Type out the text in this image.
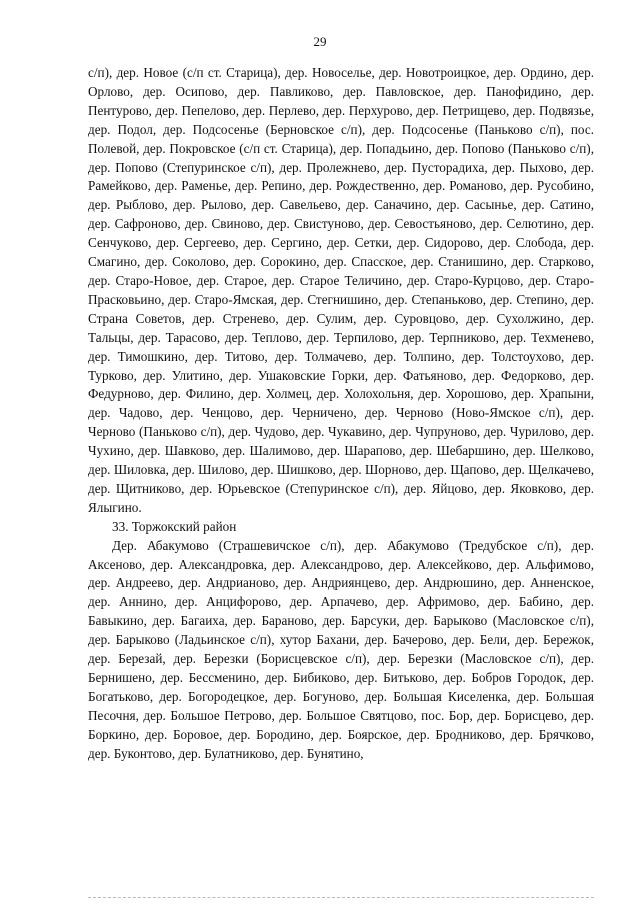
29

с/п), дер. Новое (с/п ст. Старица), дер. Новоселье, дер. Новотроицкое, дер. Ордино, дер. Орлово, дер. Осипово, дер. Павликово, дер. Павловское, дер. Панофидино, дер. Пентурово, дер. Пепелово, дер. Перлево, дер. Перхурово, дер. Петрищево, дер. Подвязье, дер. Подол, дер. Подсосенье (Берновское с/п), дер. Подсосенье (Паньково с/п), пос. Полевой, дер. Покровское (с/п ст. Старица), дер. Попадьино, дер. Попово (Паньково с/п), дер. Попово (Степуринское с/п), дер. Пролежнево, дер. Пусторадиха, дер. Пыхово, дер. Рамейково, дер. Раменье, дер. Репино, дер. Рождественно, дер. Романово, дер. Русобино, дер. Рыблово, дер. Рылово, дер. Савельево, дер. Саначино, дер. Сасынье, дер. Сатино, дер. Сафроново, дер. Свиново, дер. Свистуново, дер. Севостьяново, дер. Селютино, дер. Сенчуково, дер. Сергеево, дер. Сергино, дер. Сетки, дер. Сидорово, дер. Слобода, дер. Смагино, дер. Соколово, дер. Сорокино, дер. Спасское, дер. Станишино, дер. Старково, дер. Старо-Новое, дер. Старое, дер. Старое Теличино, дер. Старо-Курцово, дер. Старо-Прасковьино, дер. Старо-Ямская, дер. Стегнишино, дер. Степаньково, дер. Степино, дер. Страна Советов, дер. Стренево, дер. Сулим, дер. Суровцово, дер. Сухолжино, дер. Тальцы, дер. Тарасово, дер. Теплово, дер. Терпилово, дер. Терпниково, дер. Техменево, дер. Тимошкино, дер. Титово, дер. Толмачево, дер. Толпино, дер. Толстоухово, дер. Турково, дер. Улитино, дер. Ушаковские Горки, дер. Фатьяново, дер. Федорково, дер. Федурново, дер. Филино, дер. Холмец, дер. Холохольня, дер. Хорошово, дер. Храпыни, дер. Чадово, дер. Ченцово, дер. Черничено, дер. Черново (Ново-Ямское с/п), дер. Черново (Паньково с/п), дер. Чудово, дер. Чукавино, дер. Чупруново, дер. Чурилово, дер. Чухино, дер. Шавково, дер. Шалимово, дер. Шарапово, дер. Шебаршино, дер. Шелково, дер. Шиловка, дер. Шилово, дер. Шишково, дер. Шорново, дер. Щапово, дер. Щелкачево, дер. Щитниково, дер. Юрьевское (Степуринское с/п), дер. Яйцово, дер. Яковково, дер. Ялыгино.

33. Торжокский район

Дер. Абакумово (Страшевичское с/п), дер. Абакумово (Тредубское с/п), дер. Аксеново, дер. Александровка, дер. Александрово, дер. Алексейково, дер. Альфимово, дер. Андреево, дер. Андрианово, дер. Андриянцево, дер. Андрюшино, дер. Анненское, дер. Аннино, дер. Анцифорово, дер. Арпачево, дер. Афримово, дер. Бабино, дер. Бавыкино, дер. Багаиха, дер. Бараново, дер. Барсуки, дер. Барыково (Масловское с/п), дер. Барыково (Ладьинское с/п), хутор Бахани, дер. Бачерово, дер. Бели, дер. Бережок, дер. Березай, дер. Березки (Борисцевское с/п), дер. Березки (Масловское с/п), дер. Бернишено, дер. Бессменино, дер. Бибиково, дер. Битьково, дер. Бобров Городок, дер. Богатьково, дер. Богородецкое, дер. Богуново, дер. Большая Киселенка, дер. Большая Песочня, дер. Большое Петрово, дер. Большое Святцово, пос. Бор, дер. Борисцево, дер. Боркино, дер. Боровое, дер. Бородино, дер. Боярское, дер. Бродниково, дер. Брячково, дер. Буконтово, дер. Булатниково, дер. Бунятино,
